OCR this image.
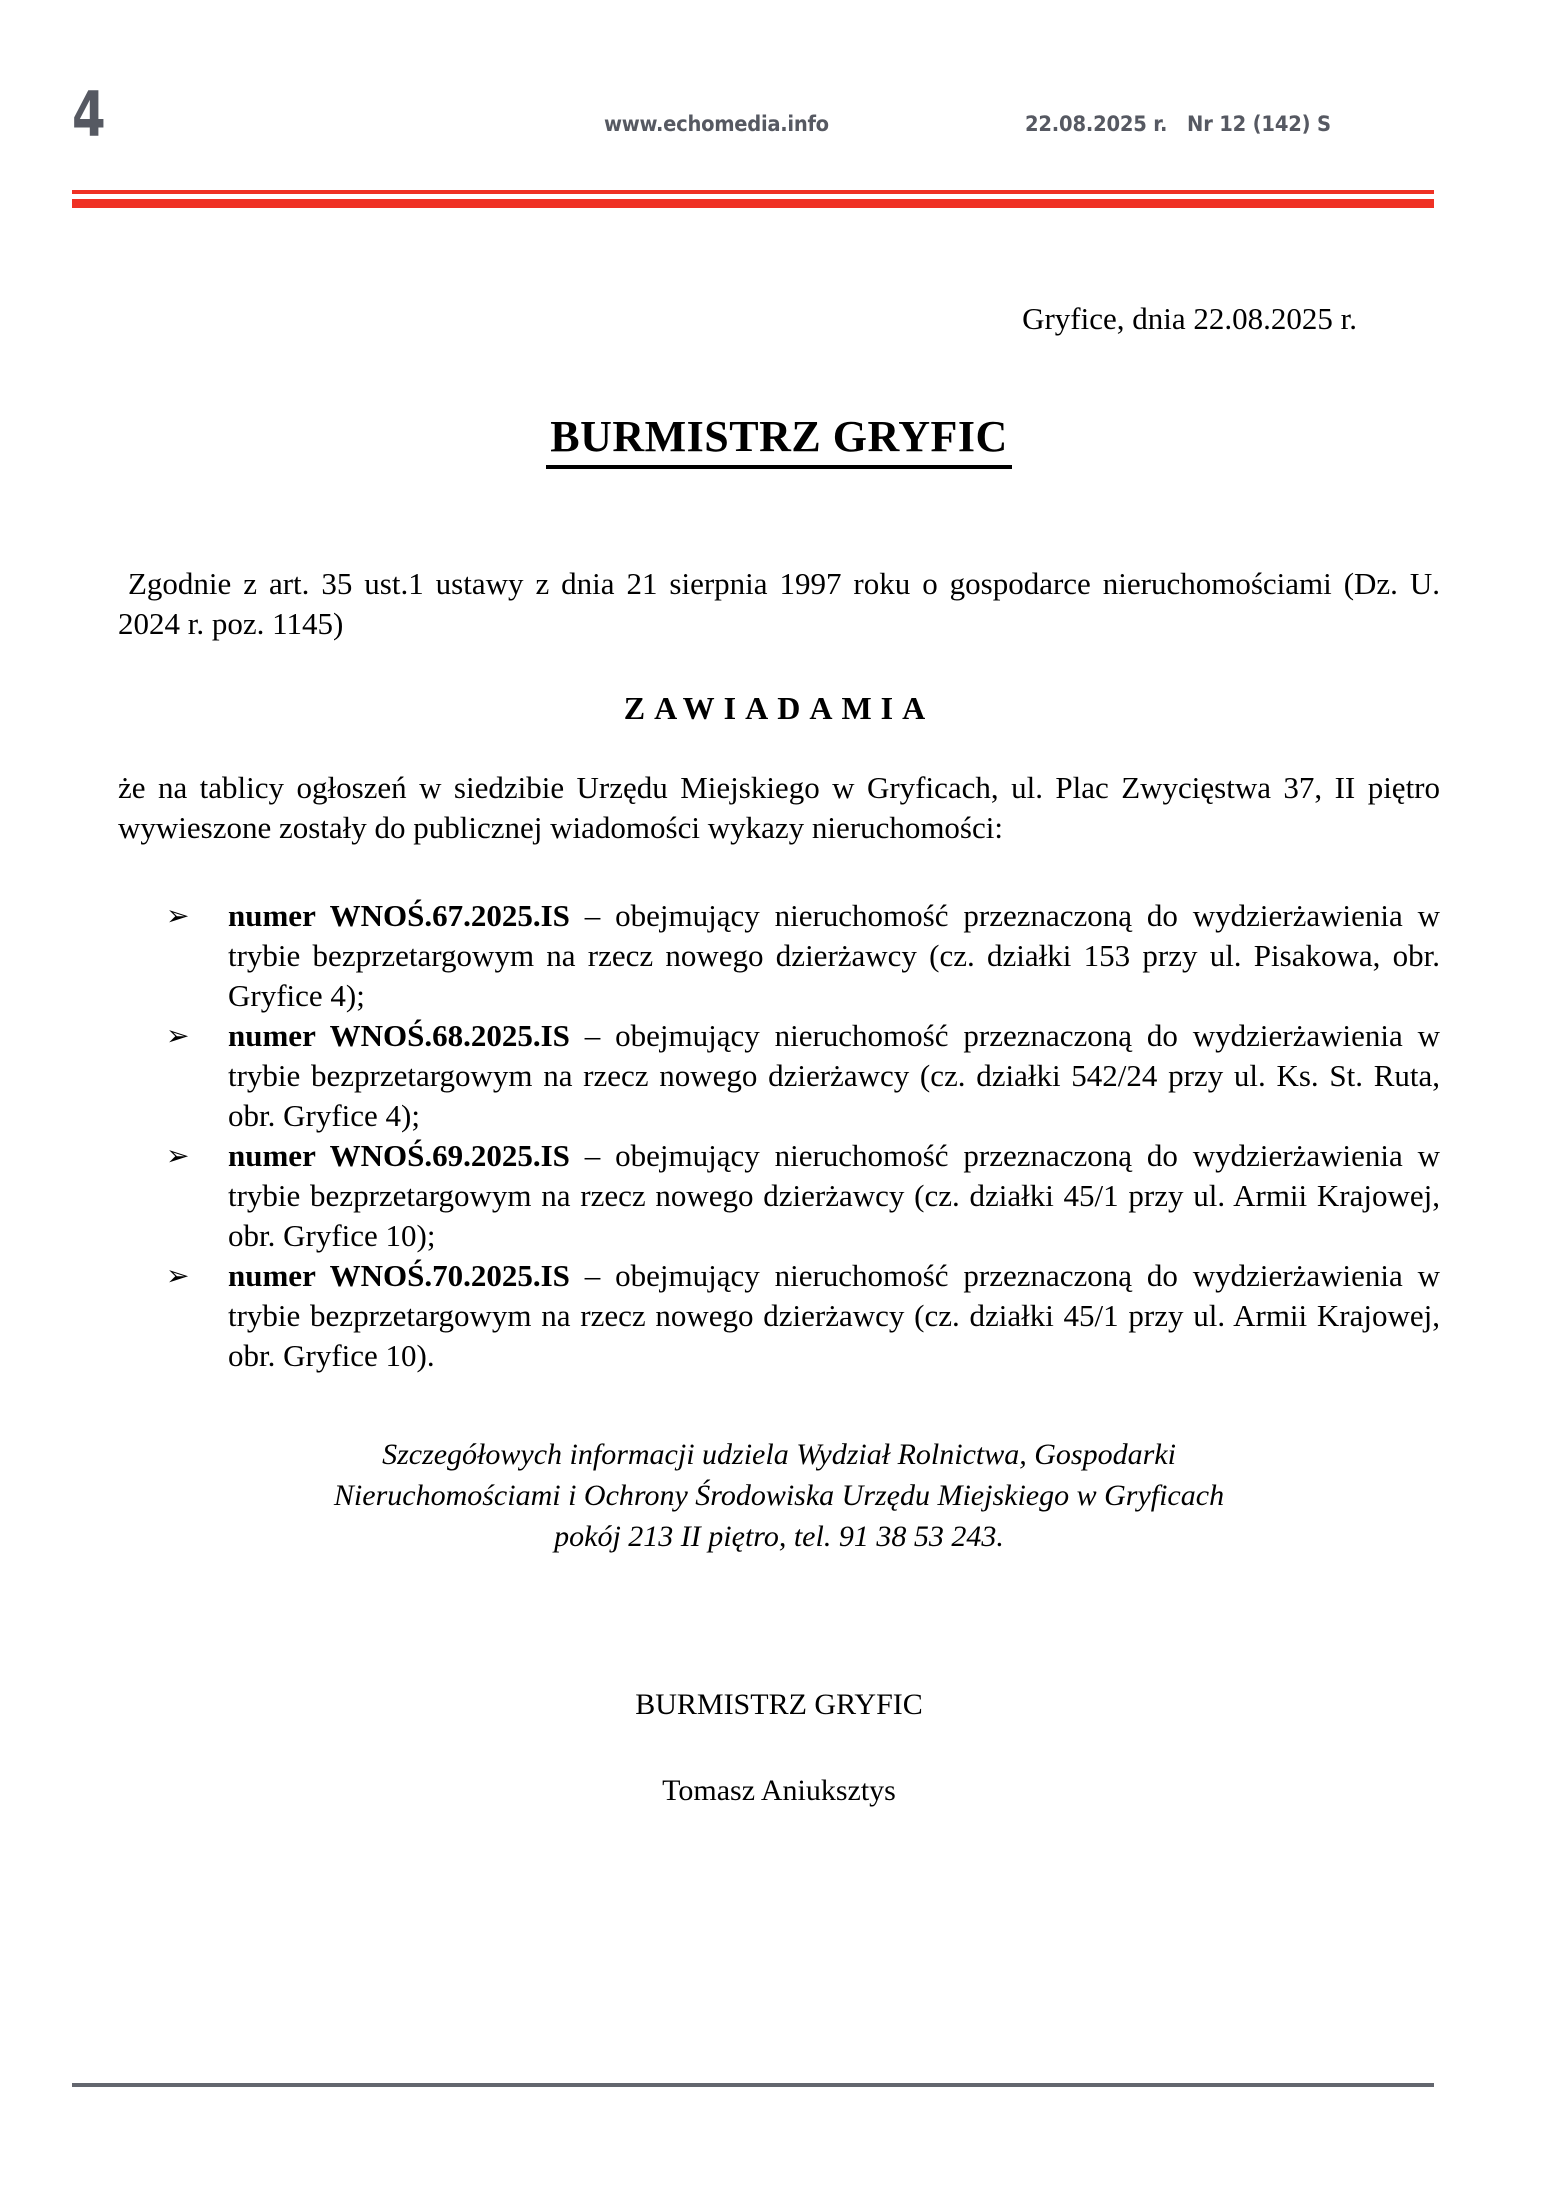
4	www.echomedia.info	22.08.2025 r.   Nr 12 (142) S
Gryfice, dnia 22.08.2025 r.
BURMISTRZ GRYFIC
Zgodnie z art. 35 ust.1 ustawy z dnia 21 sierpnia 1997 roku o gospodarce nieruchomościami (Dz. U. 2024 r. poz. 1145)
ZAWIADAMIA
że na tablicy ogłoszeń w siedzibie Urzędu Miejskiego w Gryficach, ul. Plac Zwycięstwa 37, II piętro wywieszone zostały do publicznej wiadomości wykazy nieruchomości:
➢ numer WNOŚ.67.2025.IS – obejmujący nieruchomość przeznaczoną do wydzierżawienia w trybie bezprzetargowym na rzecz nowego dzierżawcy (cz. działki 153 przy ul. Pisakowa, obr. Gryfice 4);
➢ numer WNOŚ.68.2025.IS – obejmujący nieruchomość przeznaczoną do wydzierżawienia w trybie bezprzetargowym na rzecz nowego dzierżawcy (cz. działki 542/24 przy ul. Ks. St. Ruta, obr. Gryfice 4);
➢ numer WNOŚ.69.2025.IS – obejmujący nieruchomość przeznaczoną do wydzierżawienia w trybie bezprzetargowym na rzecz nowego dzierżawcy (cz. działki 45/1 przy ul. Armii Krajowej, obr. Gryfice 10);
➢ numer WNOŚ.70.2025.IS – obejmujący nieruchomość przeznaczoną do wydzierżawienia w trybie bezprzetargowym na rzecz nowego dzierżawcy (cz. działki 45/1 przy ul. Armii Krajowej, obr. Gryfice 10).
Szczegółowych informacji udziela Wydział Rolnictwa, Gospodarki
Nieruchomościami i Ochrony Środowiska Urzędu Miejskiego w Gryficach
pokój 213 II piętro, tel. 91 38 53 243.
BURMISTRZ GRYFIC
Tomasz Aniuksztys
